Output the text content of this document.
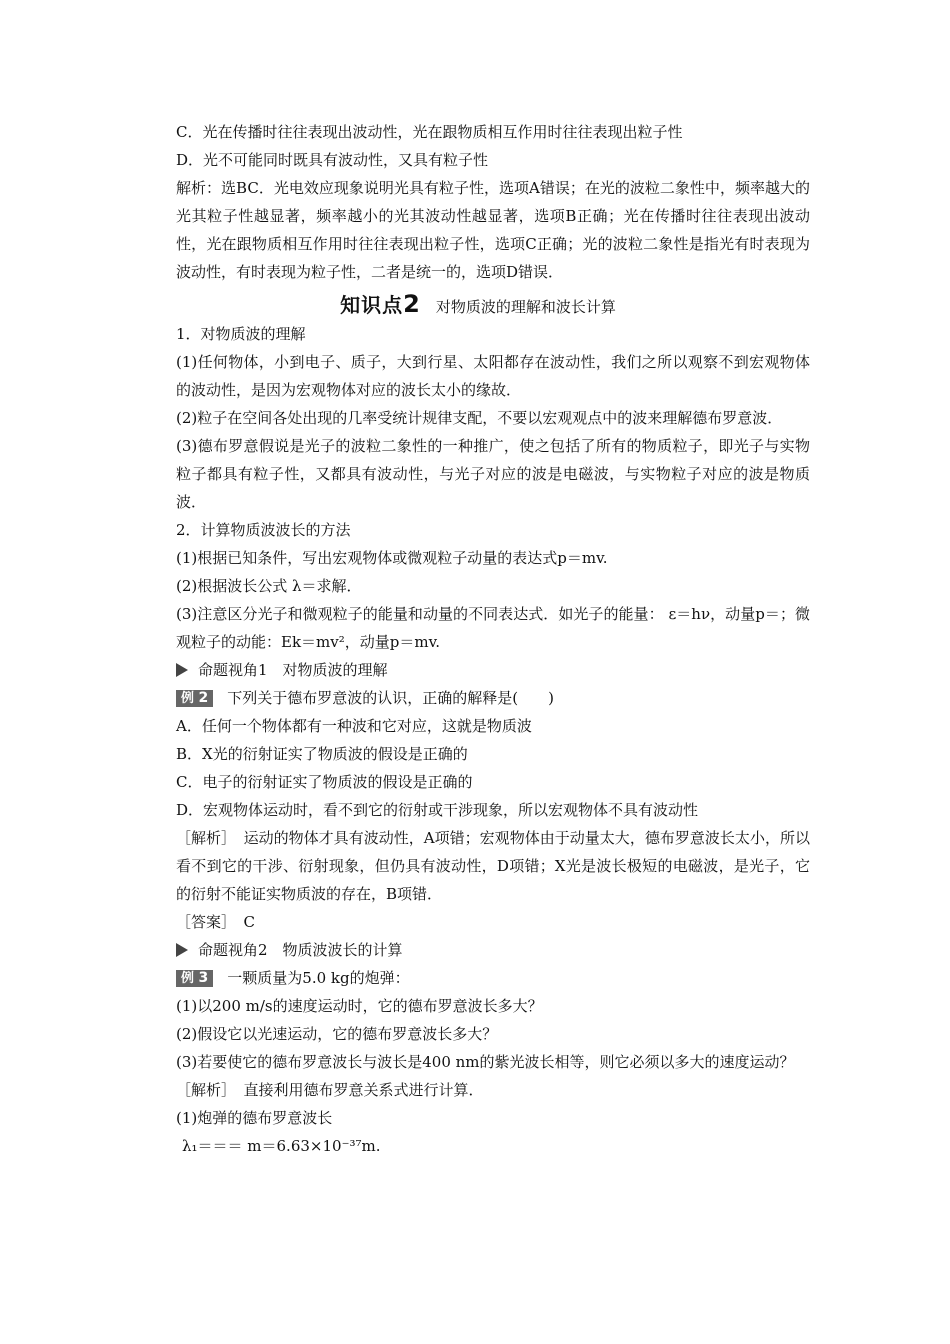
C．光在传播时往往表现出波动性，光在跟物质相互作用时往往表现出粒子性
D．光不可能同时既具有波动性，又具有粒子性
解析：选BC．光电效应现象说明光具有粒子性，选项A错误；在光的波粒二象性中，频率越大的光其粒子性越显著，频率越小的光其波动性越显著，选项B正确；光在传播时往往表现出波动性，光在跟物质相互作用时往往表现出粒子性，选项C正确；光的波粒二象性是指光有时表现为波动性，有时表现为粒子性，二者是统一的，选项D错误．
知识点2 对物质波的理解和波长计算
1．对物质波的理解
(1)任何物体，小到电子、质子，大到行星、太阳都存在波动性，我们之所以观察不到宏观物体的波动性，是因为宏观物体对应的波长太小的缘故．
(2)粒子在空间各处出现的几率受统计规律支配，不要以宏观观点中的波来理解德布罗意波．
(3)德布罗意假说是光子的波粒二象性的一种推广，使之包括了所有的物质粒子，即光子与实物粒子都具有粒子性，又都具有波动性，与光子对应的波是电磁波，与实物粒子对应的波是物质波．
2．计算物质波波长的方法
(1)根据已知条件，写出宏观物体或微观粒子动量的表达式p＝mv.
(2)根据波长公式 λ＝求解．
(3)注意区分光子和微观粒子的能量和动量的不同表达式．如光子的能量： ε＝hν，动量p＝；微观粒子的动能：Ek＝mv²，动量p＝mv.
命题视角1　对物质波的理解
例 2 下列关于德布罗意波的认识，正确的解释是(　　)
A．任何一个物体都有一种波和它对应，这就是物质波
B．X光的衍射证实了物质波的假设是正确的
C．电子的衍射证实了物质波的假设是正确的
D．宏观物体运动时，看不到它的衍射或干涉现象，所以宏观物体不具有波动性
［解析］　运动的物体才具有波动性，A项错；宏观物体由于动量太大，德布罗意波长太小，所以看不到它的干涉、衍射现象，但仍具有波动性，D项错；X光是波长极短的电磁波，是光子，它的衍射不能证实物质波的存在，B项错．
［答案］　C
命题视角2　物质波波长的计算
例 3 一颗质量为5.0 kg的炮弹：
(1)以200 m/s的速度运动时，它的德布罗意波长多大？
(2)假设它以光速运动，它的德布罗意波长多大？
(3)若要使它的德布罗意波长与波长是400 nm的紫光波长相等，则它必须以多大的速度运动？
［解析］　直接利用德布罗意关系式进行计算．
(1)炮弹的德布罗意波长
λ₁＝＝＝ m＝6.63×10⁻³⁷m.
